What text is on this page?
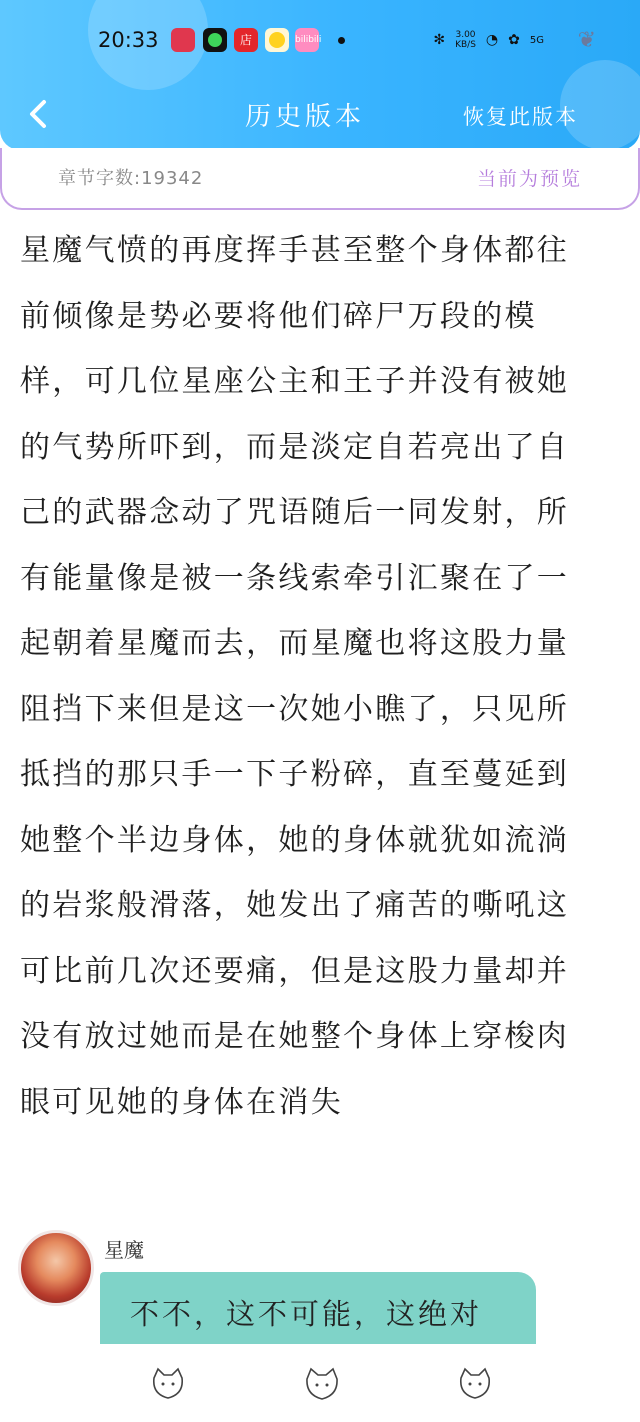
20:33	店	bilibili	✻ 3.00
KB/S ◔ ✿ 5G ❦
历史版本	恢复此版本
章节字数:19342	当前为预览
星魔气愤的再度挥手甚至整个身体都往前倾像是势必要将他们碎尸万段的模样，可几位星座公主和王子并没有被她的气势所吓到，而是淡定自若亮出了自己的武器念动了咒语随后一同发射，所有能量像是被一条线索牵引汇聚在了一起朝着星魔而去，而星魔也将这股力量阻挡下来但是这一次她小瞧了，只见所抵挡的那只手一下子粉碎，直至蔓延到她整个半边身体，她的身体就犹如流淌的岩浆般滑落，她发出了痛苦的嘶吼这可比前几次还要痛，但是这股力量却并没有放过她而是在她整个身体上穿梭肉眼可见她的身体在消失
星魔
不不，这不可能，这绝对
